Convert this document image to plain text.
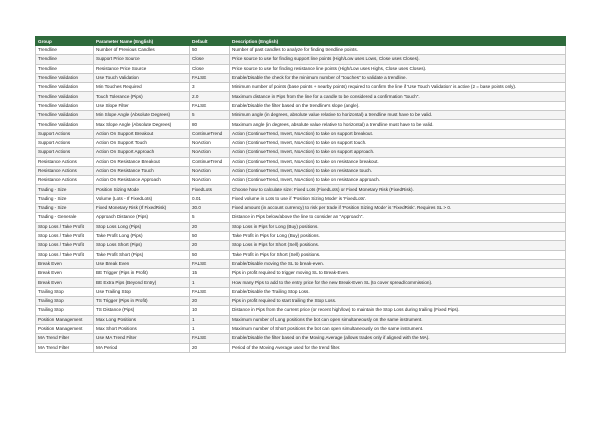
Group	Parameter Name (English)	Default	Description (English)
Trendline	Number of Previous Candles	50	Number of past candles to analyze for finding trendline points.
Trendline	Support Price Source	Close	Price source to use for finding support line points (High/Low uses Lows, Close uses Closes).
Trendline	Resistance Price Source	Close	Price source to use for finding resistance line points (High/Low uses Highs, Close uses Closes).
Trendline Validation	Use Touch Validation	FALSE	Enable/Disable the check for the minimum number of "touches" to validate a trendline.
Trendline Validation	Min Touches Required	3	Minimum number of points (base points + nearby points) required to confirm the line if 'Use Touch Validation' is active (2 = base points only).
Trendline Validation	Touch Tolerance (Pips)	2.0	Maximum distance in Pips from the line for a candle to be considered a confirmation "touch".
Trendline Validation	Use Slope Filter	FALSE	Enable/Disable the filter based on the trendline's slope (angle).
Trendline Validation	Min Slope Angle (Absolute Degrees)	5	Minimum angle (in degrees, absolute value relative to horizontal) a trendline must have to be valid.
Trendline Validation	Max Slope Angle (Absolute Degrees)	80	Maximum angle (in degrees, absolute value relative to horizontal) a trendline must have to be valid.
Support Actions	Action On Support Breakout	ContinueTrend	Action (ContinueTrend, Invert, NoAction) to take on support breakout.
Support Actions	Action On Support Touch	NoAction	Action (ContinueTrend, Invert, NoAction) to take on support touch.
Support Actions	Action On Support Approach	NoAction	Action (ContinueTrend, Invert, NoAction) to take on support approach.
Resistance Actions	Action On Resistance Breakout	ContinueTrend	Action (ContinueTrend, Invert, NoAction) to take on resistance breakout.
Resistance Actions	Action On Resistance Touch	NoAction	Action (ContinueTrend, Invert, NoAction) to take on resistance touch.
Resistance Actions	Action On Resistance Approach	NoAction	Action (ContinueTrend, Invert, NoAction) to take on resistance approach.
Trading - Size	Position Sizing Mode	FixedLots	Choose how to calculate size: Fixed Lots (FixedLots) or Fixed Monetary Risk (FixedRisk).
Trading - Size	Volume (Lots - If FixedLots)	0.01	Fixed volume in Lots to use if 'Position Sizing Mode' is 'FixedLots'.
Trading - Size	Fixed Monetary Risk (If FixedRisk)	30.0	Fixed amount (in account currency) to risk per trade if 'Position Sizing Mode' is 'FixedRisk'. Requires SL > 0.
Trading - Generale	Approach Distance (Pips)	5	Distance in Pips below/above the line to consider an "Approach".
Stop Loss / Take Profit	Stop Loss Long (Pips)	20	Stop Loss in Pips for Long (Buy) positions.
Stop Loss / Take Profit	Take Profit Long (Pips)	50	Take Profit in Pips for Long (Buy) positions.
Stop Loss / Take Profit	Stop Loss Short (Pips)	20	Stop Loss in Pips for Short (Sell) positions.
Stop Loss / Take Profit	Take Profit Short (Pips)	50	Take Profit in Pips for Short (Sell) positions.
Break Even	Use Break Even	FALSE	Enable/Disable moving the SL to break-even.
Break Even	BE Trigger (Pips in Profit)	15	Pips in profit required to trigger moving SL to Break-Even.
Break Even	BE Extra Pips (Beyond Entry)	1	How many Pips to add to the entry price for the new Break-Even SL (to cover spread/commission).
Trailing Stop	Use Trailing Stop	FALSE	Enable/Disable the Trailing Stop Loss.
Trailing Stop	TS Trigger (Pips in Profit)	20	Pips in profit required to start trailing the Stop Loss.
Trailing Stop	TS Distance (Pips)	10	Distance in Pips from the current price (or recent high/low) to maintain the Stop Loss during trailing (Fixed Pips).
Position Management	Max Long Positions	1	Maximum number of Long positions the bot can open simultaneously on the same instrument.
Position Management	Max Short Positions	1	Maximum number of Short positions the bot can open simultaneously on the same instrument.
MA Trend Filter	Use MA Trend Filter	FALSE	Enable/Disable the filter based on the Moving Average (allows trades only if aligned with the MA).
MA Trend Filter	MA Period	20	Period of the Moving Average used for the trend filter.
